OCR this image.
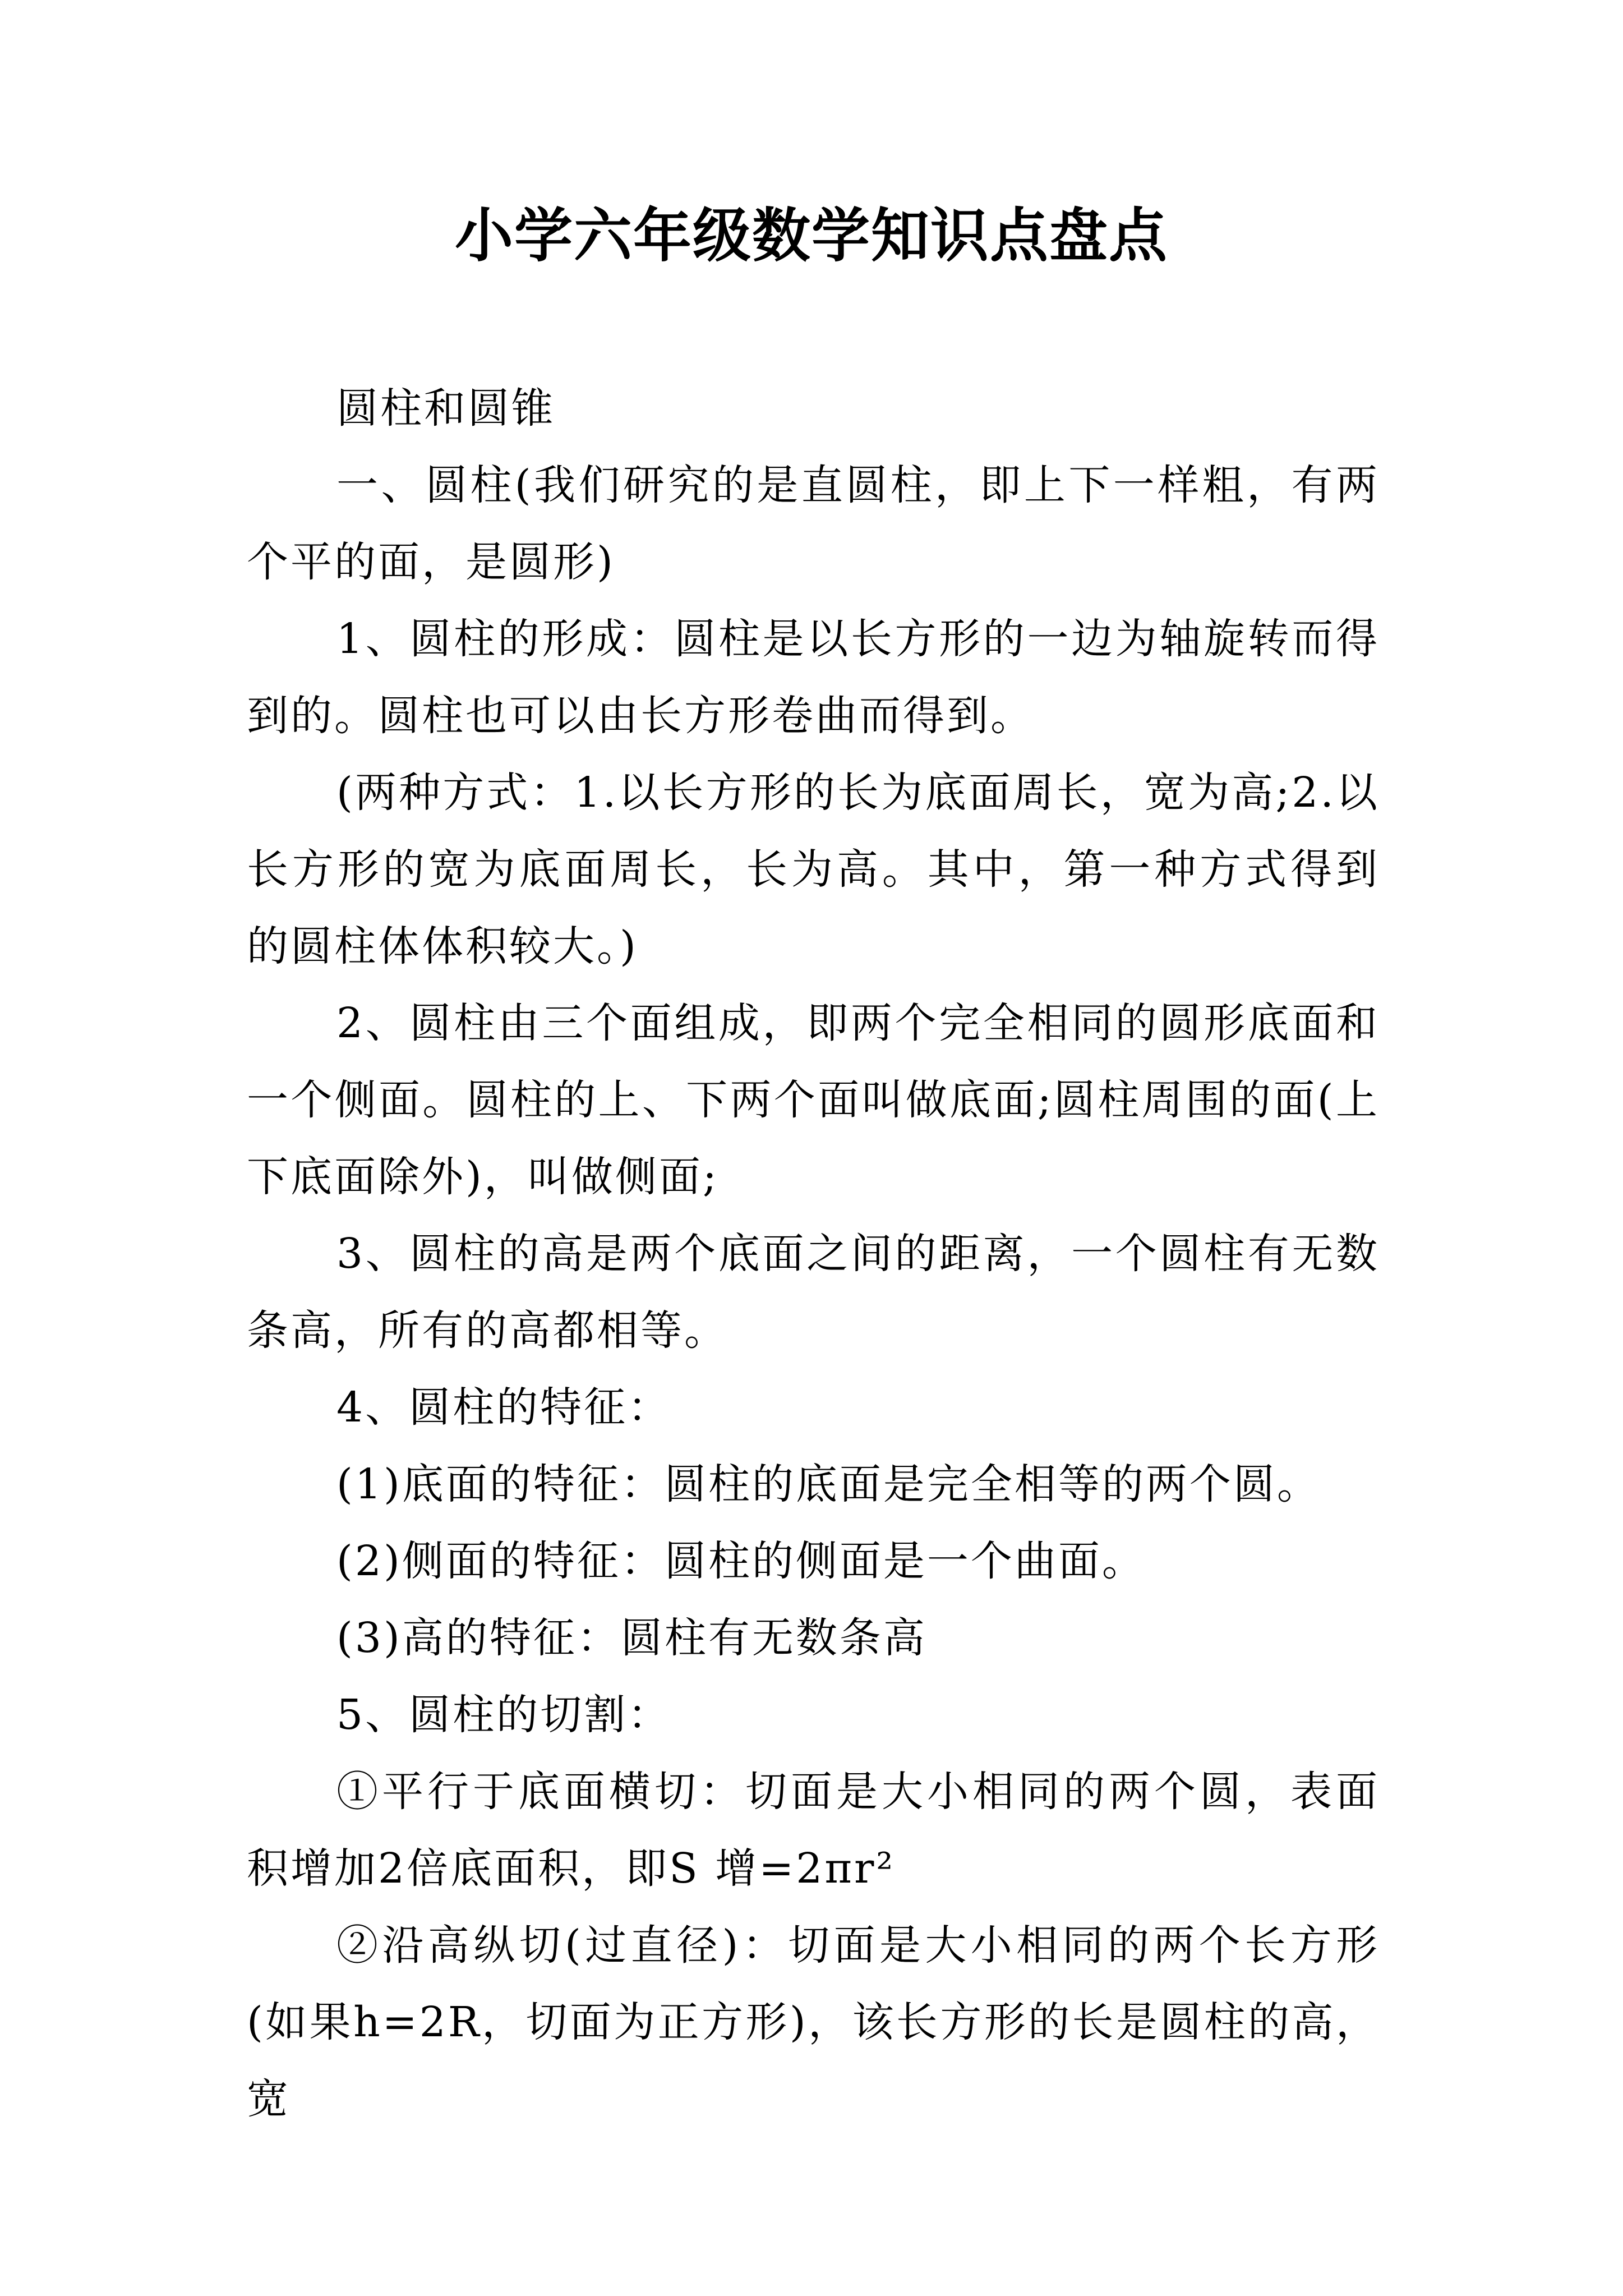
小学六年级数学知识点盘点

圆柱和圆锥

一、圆柱(我们研究的是直圆柱，即上下一样粗，有两个平的面，是圆形)

1、圆柱的形成：圆柱是以长方形的一边为轴旋转而得到的。圆柱也可以由长方形卷曲而得到。

(两种方式：1.以长方形的长为底面周长，宽为高;2.以长方形的宽为底面周长，长为高。其中，第一种方式得到的圆柱体体积较大。)

2、圆柱由三个面组成，即两个完全相同的圆形底面和一个侧面。圆柱的上、下两个面叫做底面;圆柱周围的面(上下底面除外)，叫做侧面;

3、圆柱的高是两个底面之间的距离，一个圆柱有无数条高，所有的高都相等。

4、圆柱的特征：

(1)底面的特征：圆柱的底面是完全相等的两个圆。

(2)侧面的特征：圆柱的侧面是一个曲面。

(3)高的特征：圆柱有无数条高

5、圆柱的切割：

①平行于底面横切：切面是大小相同的两个圆，表面积增加2倍底面积，即S 增=2πr²

②沿高纵切(过直径)：切面是大小相同的两个长方形(如果h=2R，切面为正方形)，该长方形的长是圆柱的高，宽
